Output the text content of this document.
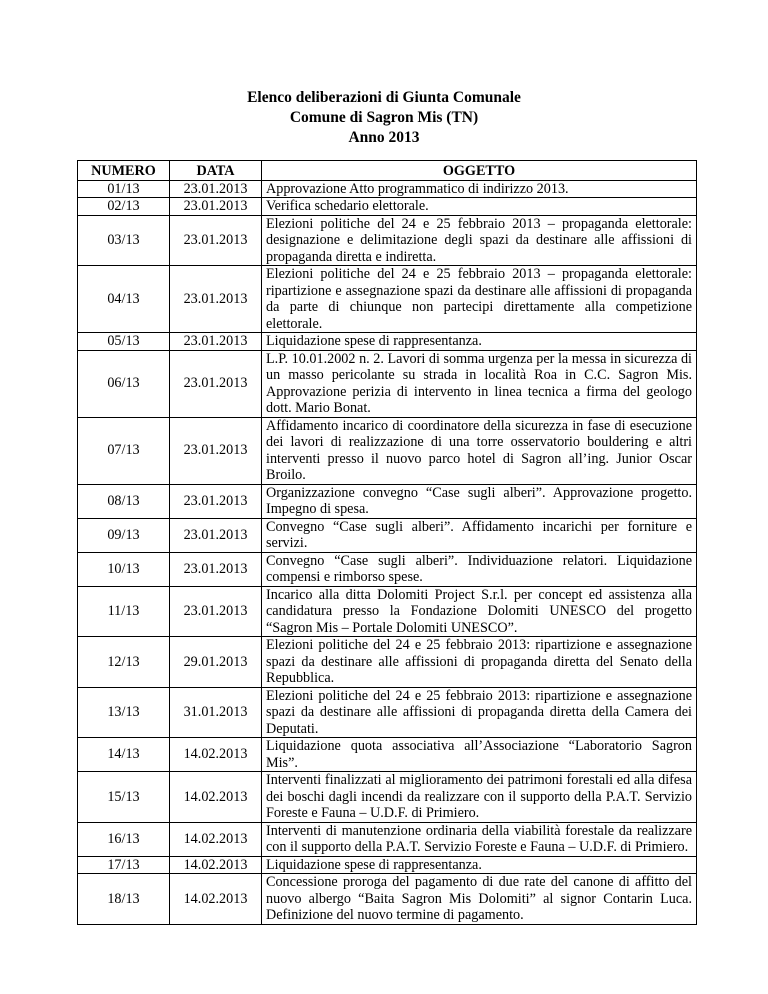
Elenco deliberazioni di Giunta Comunale
Comune di Sagron Mis (TN)
Anno 2013
NUMERO	DATA	OGGETTO
01/13	23.01.2013	Approvazione Atto programmatico di indirizzo 2013.
02/13	23.01.2013	Verifica schedario elettorale.
03/13	23.01.2013	Elezioni politiche del 24 e 25 febbraio 2013 – propaganda elettorale: designazione e delimitazione degli spazi da destinare alle affissioni di propaganda diretta e indiretta.
04/13	23.01.2013	Elezioni politiche del 24 e 25 febbraio 2013 – propaganda elettorale: ripartizione e assegnazione spazi da destinare alle affissioni di propaganda da parte di chiunque non partecipi direttamente alla competizione elettorale.
05/13	23.01.2013	Liquidazione spese di rappresentanza.
06/13	23.01.2013	L.P. 10.01.2002 n. 2. Lavori di somma urgenza per la messa in sicurezza di un masso pericolante su strada in località Roa in C.C. Sagron Mis. Approvazione perizia di intervento in linea tecnica a firma del geologo dott. Mario Bonat.
07/13	23.01.2013	Affidamento incarico di coordinatore della sicurezza in fase di esecuzione dei lavori di realizzazione di una torre osservatorio bouldering e altri interventi presso il nuovo parco hotel di Sagron all’ing. Junior Oscar Broilo.
08/13	23.01.2013	Organizzazione convegno “Case sugli alberi”. Approvazione progetto. Impegno di spesa.
09/13	23.01.2013	Convegno “Case sugli alberi”. Affidamento incarichi per forniture e servizi.
10/13	23.01.2013	Convegno “Case sugli alberi”. Individuazione relatori. Liquidazione compensi e rimborso spese.
11/13	23.01.2013	Incarico alla ditta Dolomiti Project S.r.l. per concept ed assistenza alla candidatura presso la Fondazione Dolomiti UNESCO del progetto “Sagron Mis – Portale Dolomiti UNESCO”.
12/13	29.01.2013	Elezioni politiche del 24 e 25 febbraio 2013: ripartizione e assegnazione spazi da destinare alle affissioni di propaganda diretta del Senato della Repubblica.
13/13	31.01.2013	Elezioni politiche del 24 e 25 febbraio 2013: ripartizione e assegnazione spazi da destinare alle affissioni di propaganda diretta della Camera dei Deputati.
14/13	14.02.2013	Liquidazione quota associativa all’Associazione “Laboratorio Sagron Mis”.
15/13	14.02.2013	Interventi finalizzati al miglioramento dei patrimoni forestali ed alla difesa dei boschi dagli incendi da realizzare con il supporto della P.A.T. Servizio Foreste e Fauna – U.D.F. di Primiero.
16/13	14.02.2013	Interventi di manutenzione ordinaria della viabilità forestale da realizzare con il supporto della P.A.T. Servizio Foreste e Fauna – U.D.F. di Primiero.
17/13	14.02.2013	Liquidazione spese di rappresentanza.
18/13	14.02.2013	Concessione proroga del pagamento di due rate del canone di affitto del nuovo albergo “Baita Sagron Mis Dolomiti” al signor Contarin Luca. Definizione del nuovo termine di pagamento.
